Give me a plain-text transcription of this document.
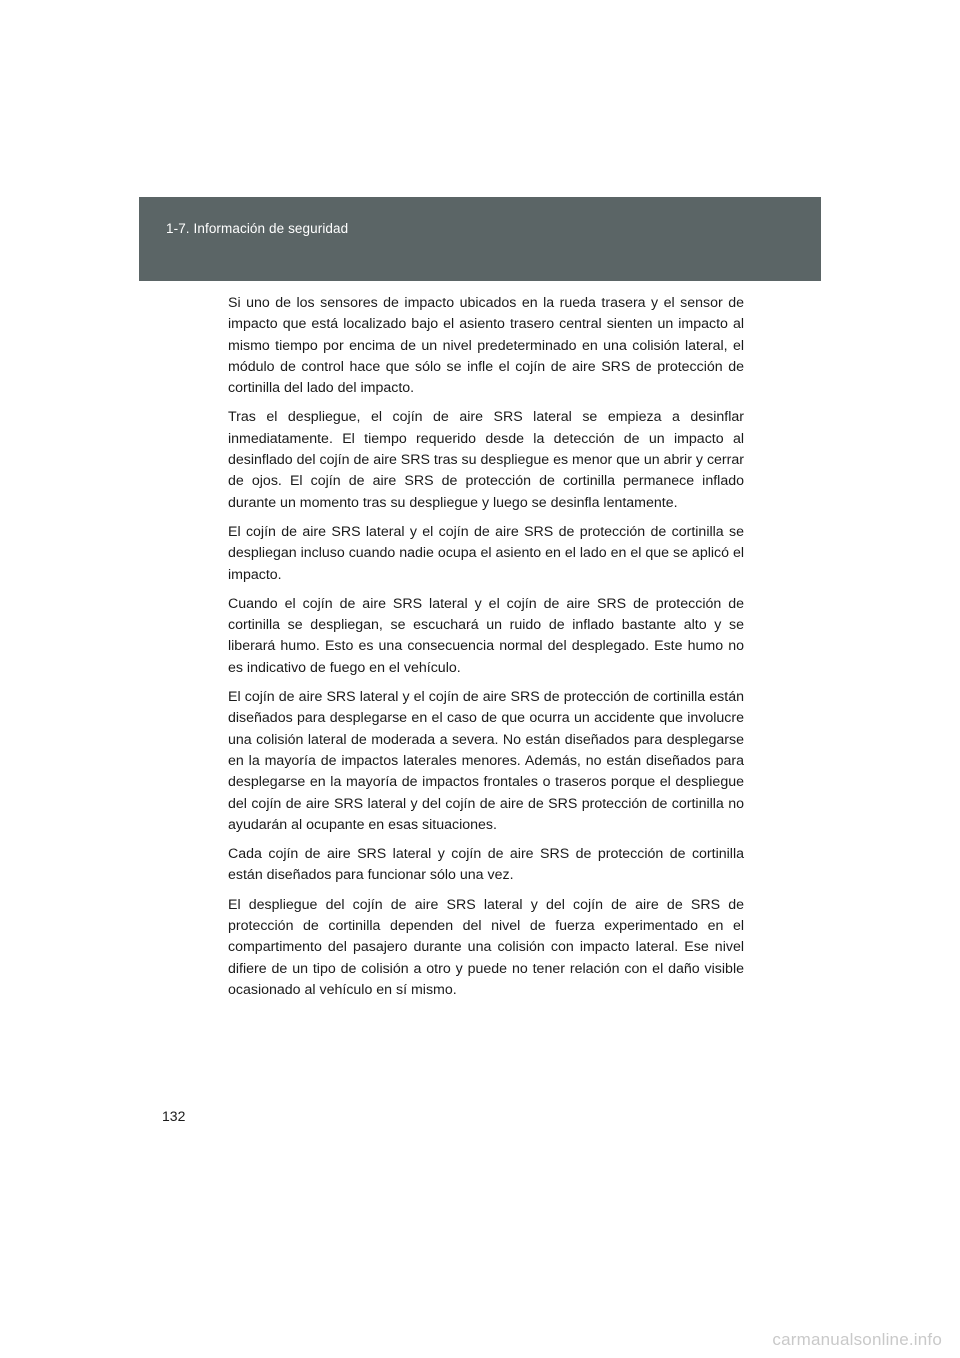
1-7. Información de seguridad

Si uno de los sensores de impacto ubicados en la rueda trasera y el sensor de impacto que está localizado bajo el asiento trasero central sienten un impacto al mismo tiempo por encima de un nivel predeterminado en una colisión lateral, el módulo de control hace que sólo se infle el cojín de aire SRS de protección de cortinilla del lado del impacto.

Tras el despliegue, el cojín de aire SRS lateral se empieza a desinflar inmediatamente. El tiempo requerido desde la detección de un impacto al desinflado del cojín de aire SRS tras su despliegue es menor que un abrir y cerrar de ojos. El cojín de aire SRS de protección de cortinilla permanece inflado durante un momento tras su despliegue y luego se desinfla lentamente.

El cojín de aire SRS lateral y el cojín de aire SRS de protección de cortinilla se despliegan incluso cuando nadie ocupa el asiento en el lado en el que se aplicó el impacto.

Cuando el cojín de aire SRS lateral y el cojín de aire SRS de protección de cortinilla se despliegan, se escuchará un ruido de inflado bastante alto y se liberará humo. Esto es una consecuencia normal del desplegado. Este humo no es indicativo de fuego en el vehículo.

El cojín de aire SRS lateral y el cojín de aire SRS de protección de cortinilla están diseñados para desplegarse en el caso de que ocurra un accidente que involucre una colisión lateral de moderada a severa. No están diseñados para desplegarse en la mayoría de impactos laterales menores. Además, no están diseñados para desplegarse en la mayoría de impactos frontales o traseros porque el despliegue del cojín de aire SRS lateral y del cojín de aire de SRS protección de cortinilla no ayudarán al ocupante en esas situaciones.

Cada cojín de aire SRS lateral y cojín de aire SRS de protección de cortinilla están diseñados para funcionar sólo una vez.

El despliegue del cojín de aire SRS lateral y del cojín de aire de SRS de protección de cortinilla dependen del nivel de fuerza experimentado en el compartimento del pasajero durante una colisión con impacto lateral. Ese nivel difiere de un tipo de colisión a otro y puede no tener relación con el daño visible ocasionado al vehículo en sí mismo.

132
carmanualsonline.info
